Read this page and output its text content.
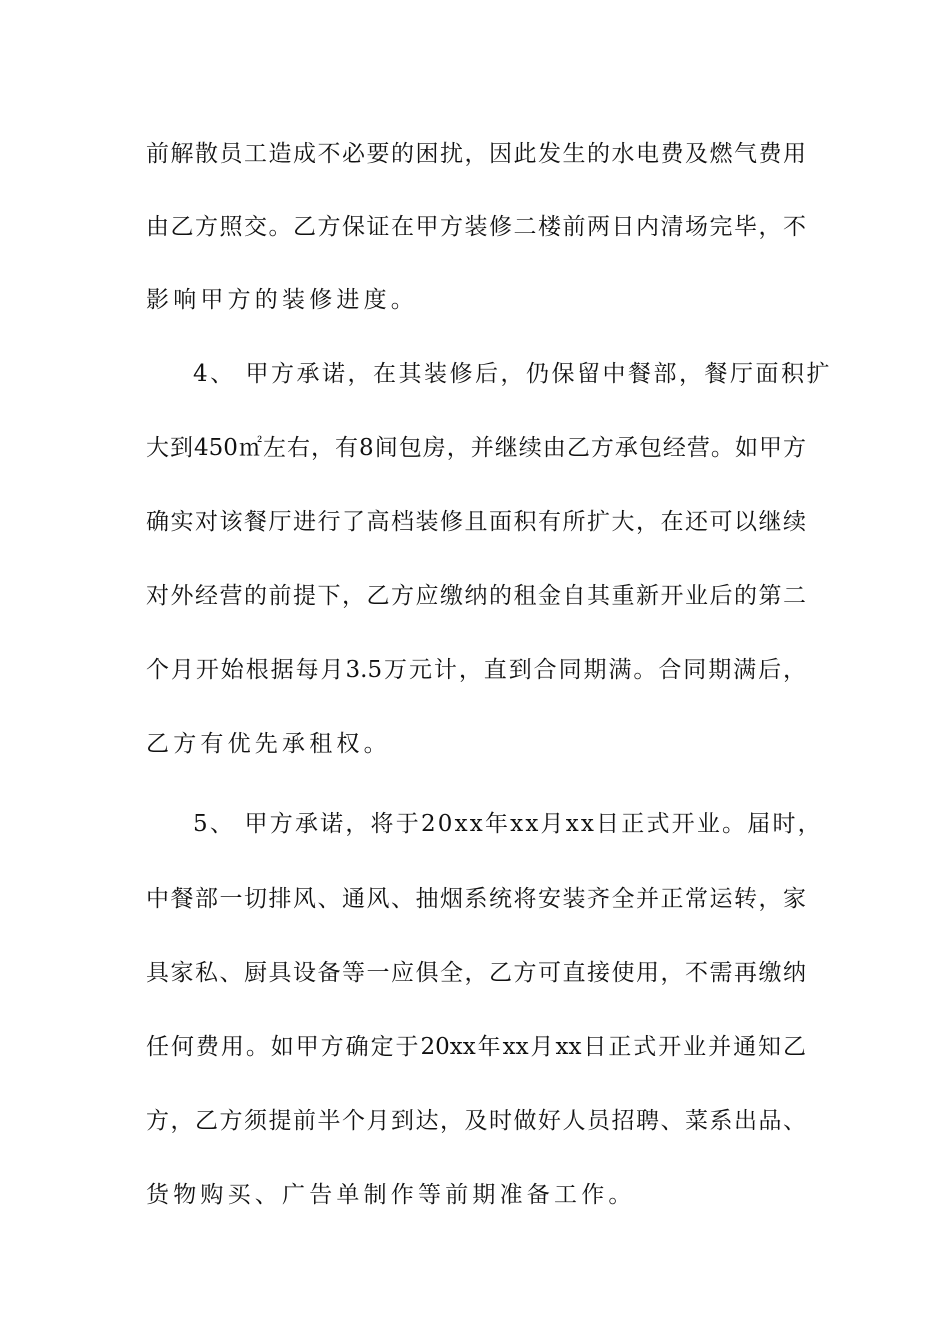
前解散员工造成不必要的困扰，因此发生的水电费及燃气费用
由乙方照交。乙方保证在甲方装修二楼前两日内清场完毕，不
影响甲方的装修进度。
4、 甲方承诺，在其装修后，仍保留中餐部，餐厅面积扩
大到450㎡左右，有8间包房，并继续由乙方承包经营。如甲方
确实对该餐厅进行了高档装修且面积有所扩大，在还可以继续
对外经营的前提下，乙方应缴纳的租金自其重新开业后的第二
个月开始根据每月3.5万元计，直到合同期满。合同期满后，
乙方有优先承租权。
5、 甲方承诺，将于20xx年xx月xx日正式开业。届时，
中餐部一切排风、通风、抽烟系统将安装齐全并正常运转，家
具家私、厨具设备等一应俱全，乙方可直接使用，不需再缴纳
任何费用。如甲方确定于20xx年xx月xx日正式开业并通知乙
方，乙方须提前半个月到达，及时做好人员招聘、菜系出品、
货物购买、广告单制作等前期准备工作。
